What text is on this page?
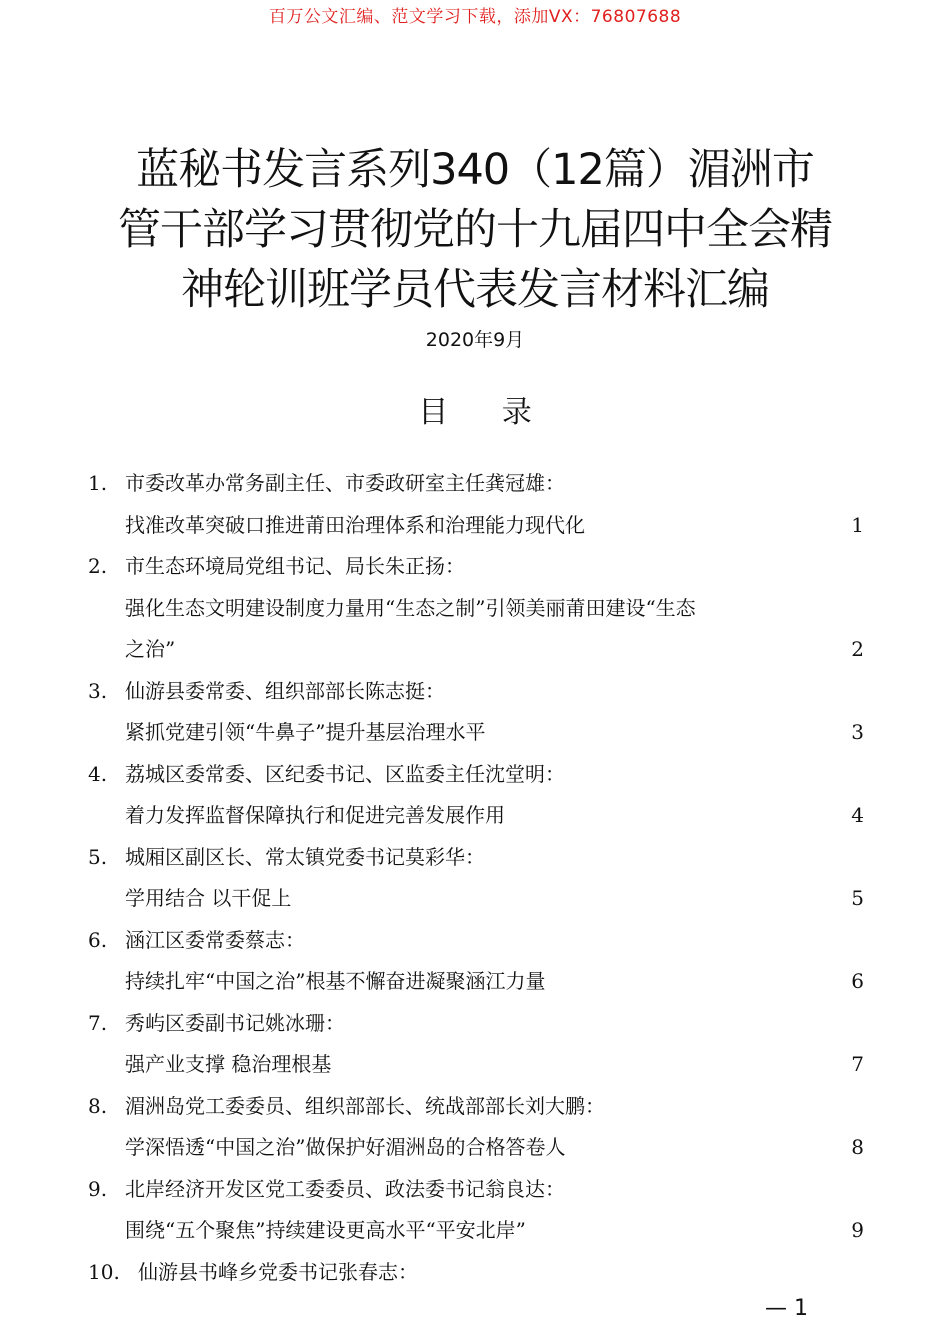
百万公文汇编、范文学习下载，添加VX：76807688
蓝秘书发言系列340（12篇）湄洲市
管干部学习贯彻党的十九届四中全会精
神轮训班学员代表发言材料汇编
2020年9月
目 录
1. 市委改革办常务副主任、市委政研室主任龚冠雄：
找准改革突破口推进莆田治理体系和治理能力现代化	1
2. 市生态环境局党组书记、局长朱正扬：
强化生态文明建设制度力量用“生态之制”引领美丽莆田建设“生态
之治”	2
3. 仙游县委常委、组织部部长陈志挺：
紧抓党建引领“牛鼻子”提升基层治理水平	3
4. 荔城区委常委、区纪委书记、区监委主任沈堂明：
着力发挥监督保障执行和促进完善发展作用	4
5. 城厢区副区长、常太镇党委书记莫彩华：
学用结合 以干促上	5
6. 涵江区委常委蔡志：
持续扎牢“中国之治”根基不懈奋进凝聚涵江力量	6
7. 秀屿区委副书记姚冰珊：
强产业支撑 稳治理根基	7
8. 湄洲岛党工委委员、组织部部长、统战部部长刘大鹏：
学深悟透“中国之治”做保护好湄洲岛的合格答卷人	8
9. 北岸经济开发区党工委委员、政法委书记翁良达：
围绕“五个聚焦”持续建设更高水平“平安北岸”	9
10. 仙游县书峰乡党委书记张春志：
— 1
